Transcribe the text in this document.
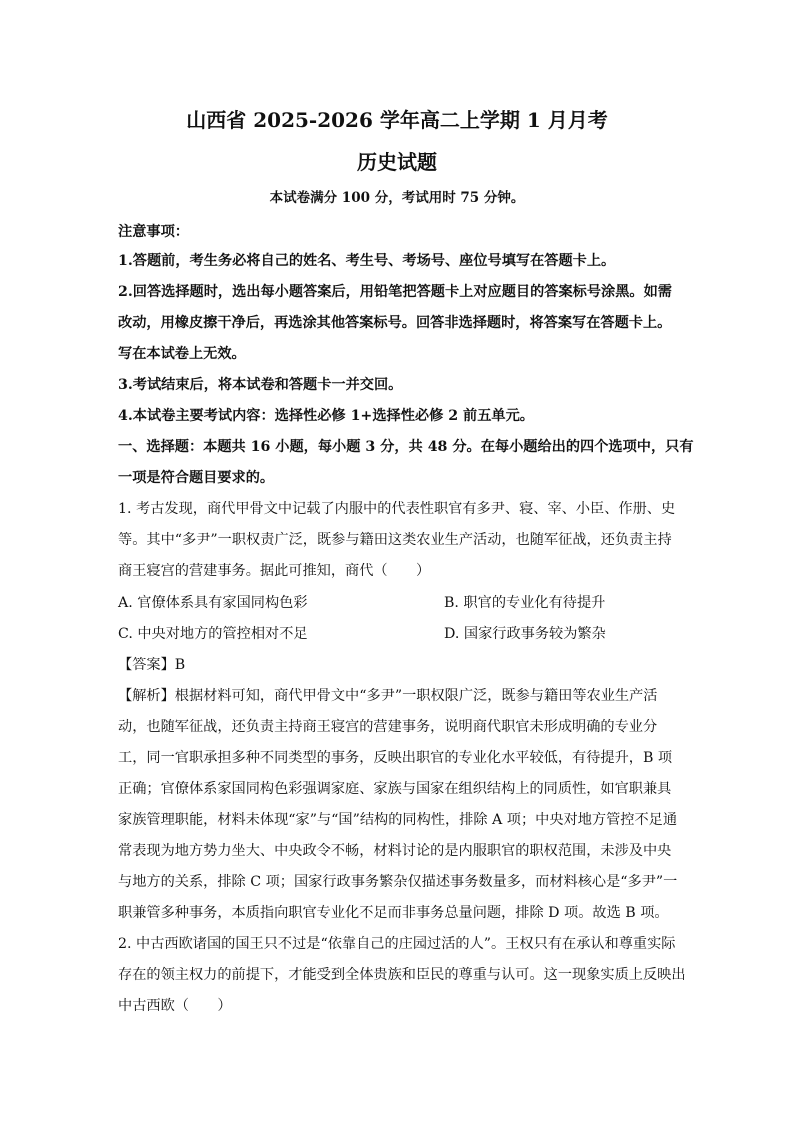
山西省 2025-2026 学年高二上学期 1 月月考
历史试题
本试卷满分 100 分，考试用时 75 分钟。
注意事项：
1.答题前，考生务必将自己的姓名、考生号、考场号、座位号填写在答题卡上。
2.回答选择题时，选出每小题答案后，用铅笔把答题卡上对应题目的答案标号涂黑。如需
改动，用橡皮擦干净后，再选涂其他答案标号。回答非选择题时，将答案写在答题卡上。
写在本试卷上无效。
3.考试结束后，将本试卷和答题卡一并交回。
4.本试卷主要考试内容：选择性必修 1+选择性必修 2 前五单元。
一、选择题：本题共 16 小题，每小题 3 分，共 48 分。在每小题给出的四个选项中，只有
一项是符合题目要求的。
1. 考古发现，商代甲骨文中记载了内服中的代表性职官有多尹、寝、宰、小臣、作册、史
等。其中“多尹”一职权责广泛，既参与籍田这类农业生产活动，也随军征战，还负责主持
商王寝宫的营建事务。据此可推知，商代（　　）
A. 官僚体系具有家国同构色彩	B. 职官的专业化有待提升
C. 中央对地方的管控相对不足	D. 国家行政事务较为繁杂
【答案】B
【解析】根据材料可知，商代甲骨文中“多尹”一职权限广泛，既参与籍田等农业生产活
动，也随军征战，还负责主持商王寝宫的营建事务，说明商代职官未形成明确的专业分
工，同一官职承担多种不同类型的事务，反映出职官的专业化水平较低，有待提升，B 项
正确；官僚体系家国同构色彩强调家庭、家族与国家在组织结构上的同质性，如官职兼具
家族管理职能，材料未体现“家”与“国”结构的同构性，排除 A 项；中央对地方管控不足通
常表现为地方势力坐大、中央政令不畅，材料讨论的是内服职官的职权范围，未涉及中央
与地方的关系，排除 C 项；国家行政事务繁杂仅描述事务数量多，而材料核心是“多尹”一
职兼管多种事务，本质指向职官专业化不足而非事务总量问题，排除 D 项。故选 B 项。
2. 中古西欧诸国的国王只不过是“依靠自己的庄园过活的人”。王权只有在承认和尊重实际
存在的领主权力的前提下，才能受到全体贵族和臣民的尊重与认可。这一现象实质上反映出
中古西欧（　　）
